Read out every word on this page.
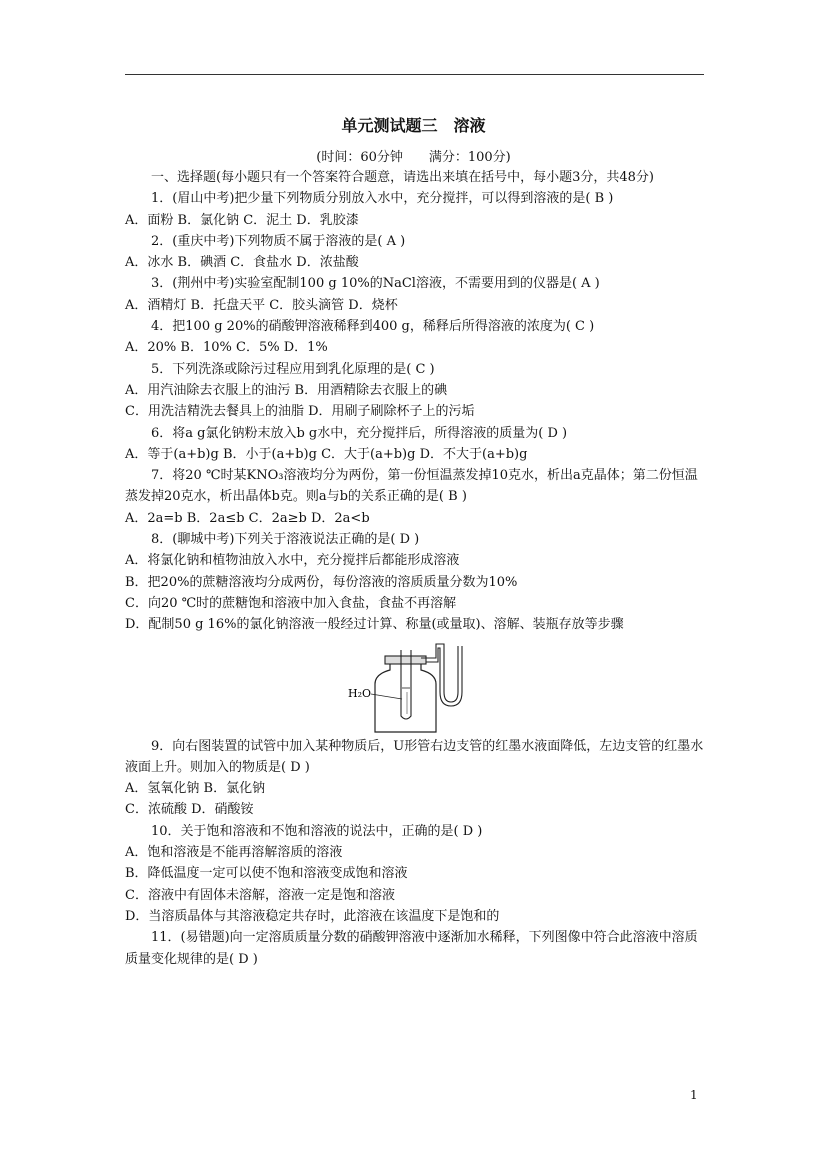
单元测试题三　溶液
(时间：60分钟　　满分：100分)

一、选择题(每小题只有一个答案符合题意，请选出来填在括号中，每小题3分，共48分)

1．(眉山中考)把少量下列物质分别放入水中，充分搅拌，可以得到溶液的是( B )

A．面粉 B．氯化钠 C．泥土 D．乳胶漆

2．(重庆中考)下列物质不属于溶液的是( A )

A．冰水 B．碘酒 C．食盐水 D．浓盐酸

3．(荆州中考)实验室配制100 g 10%的NaCl溶液，不需要用到的仪器是( A )

A．酒精灯 B．托盘天平 C．胶头滴管 D．烧杯

4．把100 g 20%的硝酸钾溶液稀释到400 g，稀释后所得溶液的浓度为( C )

A．20% B．10% C．5% D．1%

5．下列洗涤或除污过程应用到乳化原理的是( C )

A．用汽油除去衣服上的油污 B．用酒精除去衣服上的碘

C．用洗洁精洗去餐具上的油脂 D．用刷子刷除杯子上的污垢

6．将a g氯化钠粉末放入b g水中，充分搅拌后，所得溶液的质量为( D )

A．等于(a+b)g B．小于(a+b)g C．大于(a+b)g D．不大于(a+b)g

7．将20 ℃时某KNO₃溶液均分为两份，第一份恒温蒸发掉10克水，析出a克晶体；第二份恒温蒸发掉20克水，析出晶体b克。则a与b的关系正确的是( B )

A．2a=b B．2a≤b C．2a≥b D．2a<b

8．(聊城中考)下列关于溶液说法正确的是( D )

A．将氯化钠和植物油放入水中，充分搅拌后都能形成溶液

B．把20%的蔗糖溶液均分成两份，每份溶液的溶质质量分数为10%

C．向20 ℃时的蔗糖饱和溶液中加入食盐，食盐不再溶解

D．配制50 g 16%的氯化钠溶液一般经过计算、称量(或量取)、溶解、装瓶存放等步骤

H₂O

9．向右图装置的试管中加入某种物质后，U形管右边支管的红墨水液面降低，左边支管的红墨水液面上升。则加入的物质是( D )

A．氢氧化钠 B．氯化钠

C．浓硫酸 D．硝酸铵

10．关于饱和溶液和不饱和溶液的说法中，正确的是( D )

A．饱和溶液是不能再溶解溶质的溶液

B．降低温度一定可以使不饱和溶液变成饱和溶液

C．溶液中有固体未溶解，溶液一定是饱和溶液

D．当溶质晶体与其溶液稳定共存时，此溶液在该温度下是饱和的

11．(易错题)向一定溶质质量分数的硝酸钾溶液中逐渐加水稀释，下列图像中符合此溶液中溶质质量变化规律的是( D )

1
